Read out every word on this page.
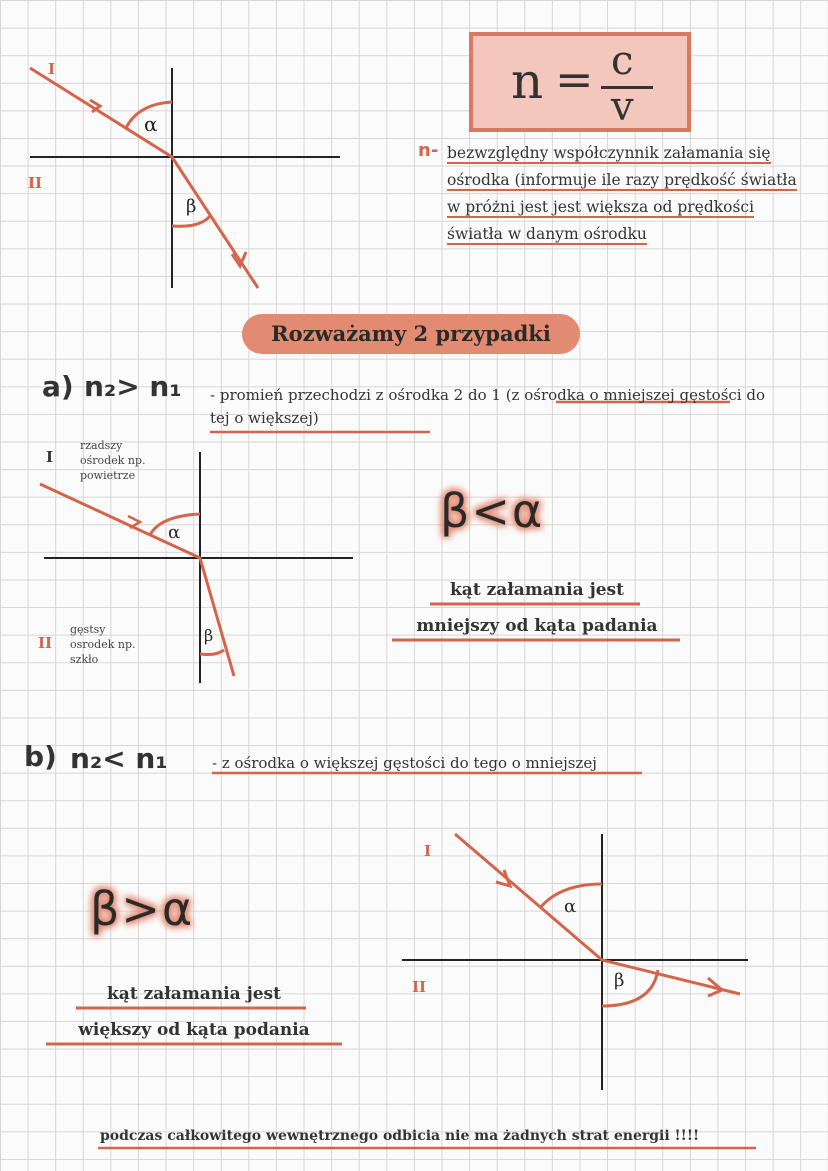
I
II
α
β
n = c
v
n- bezwzględny współczynnik załamania się ośrodka (informuje ile razy prędkość światła w próżni jest jest większa od prędkości światła w danym ośrodku
Rozważamy 2 przypadki
a) n₂> n₁ - promień przechodzi z ośrodka 2 do 1 (z ośrodka o mniejszej gęstości do tej o większej)
I
rzadszy
ośrodek np.
powietrze
II
gęstsy
osrodek np.
szkło
α
β
β<α
kąt załamania jest
mniejszy od kąta padania
b) n₂< n₁	- z ośrodka o większej gęstości do tego o mniejszej
I
II
α
β
β>α
kąt załamania jest
większy od kąta podania
podczas całkowitego wewnętrznego odbicia nie ma żadnych strat energii !!!!
